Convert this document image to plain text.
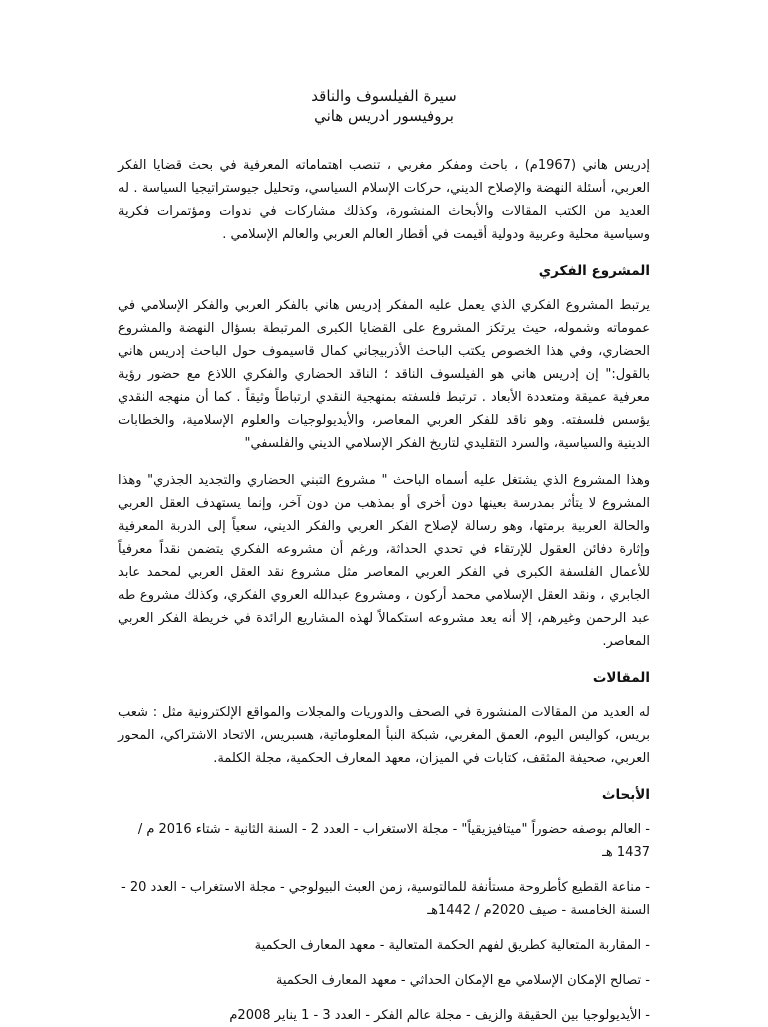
سيرة الفيلسوف والناقد
بروفيسور ادريس هاني

إدريس هاني (1967م) ، باحث ومفكر مغربي ، تنصب اهتماماته المعرفية في بحث قضايا الفكر العربي، أسئلة النهضة والإصلاح الديني، حركات الإسلام السياسي، وتحليل جيوستراتيجيا السياسة . له العديد من الكتب المقالات والأبحاث المنشورة، وكذلك مشاركات في ندوات ومؤتمرات فكرية وسياسية محلية وعربية ودولية أقيمت في أقطار العالم العربي والعالم الإسلامي .

المشروع الفكري

يرتبط المشروع الفكري الذي يعمل عليه المفكر إدريس هاني بالفكر العربي والفكر الإسلامي في عموماته وشموله، حيث يرتكز المشروع على القضايا الكبرى المرتبطة بسؤال النهضة والمشروع الحضاري، وفي هذا الخصوص يكتب الباحث الأذربيجاني كمال قاسيموف حول الباحث إدريس هاني بالقول:" إن إدريس هاني هو الفيلسوف الناقد ؛ الناقد الحضاري والفكري اللاذع مع حضور رؤية معرفية عميقة ومتعددة الأبعاد . ترتبط فلسفته بمنهجية النقدي ارتباطاً وثيقاً . كما أن منهجه النقدي يؤسس فلسفته. وهو ناقد للفكر العربي المعاصر، والأيديولوجيات والعلوم الإسلامية، والخطابات الدينية والسياسية، والسرد التقليدي لتاريخ الفكر الإسلامي الديني والفلسفي"

وهذا المشروع الذي يشتغل عليه أسماه الباحث " مشروع التبني الحضاري والتجديد الجذري" وهذا المشروع لا يتأثر بمدرسة بعينها دون أخرى أو بمذهب من دون آخر، وإنما يستهدف العقل العربي والحالة العربية برمتها، وهو رسالة لإصلاح الفكر العربي والفكر الديني، سعياً إلى الدربة المعرفية وإثارة دفائن العقول للإرتقاء في تحدي الحداثة، ورغم أن مشروعه الفكري يتضمن نقداً معرفياً للأعمال الفلسفة الكبرى في الفكر العربي المعاصر مثل مشروع نقد العقل العربي لمحمد عابد الجابري ، ونقد العقل الإسلامي محمد أركون ، ومشروع عبدالله العروي الفكري، وكذلك مشروع طه عبد الرحمن وغيرهم، إلا أنه يعد مشروعه استكمالاً لهذه المشاريع الرائدة في خريطة الفكر العربي المعاصر.

المقالات

له العديد من المقالات المنشورة في الصحف والدوريات والمجلات والمواقع الإلكترونية مثل : شعب بريس، كواليس اليوم، العمق المغربي، شبكة النبأ المعلوماتية، هسبريس، الاتحاد الاشتراكي، المحور العربي، صحيفة المثقف، كتابات في الميزان، معهد المعارف الحكمية، مجلة الكلمة.

الأبحاث

- العالم بوصفه حضوراً "ميتافيزيقياً" - مجلة الاستغراب - العدد 2 - السنة الثانية - شتاء 2016 م / 1437 هـ

- مناعة القطيع كأطروحة مستأنفة للمالتوسية، زمن العبث البيولوجي - مجلة الاستغراب - العدد 20 - السنة الخامسة - صيف 2020م / 1442هـ

- المقاربة المتعالية كطريق لفهم الحكمة المتعالية - معهد المعارف الحكمية

- تصالح الإمكان الإسلامي مع الإمكان الحداثي - معهد المعارف الحكمية

- الأيديولوجيا بين الحقيقة والزيف - مجلة عالم الفكر - العدد 3 - 1 يناير 2008م
